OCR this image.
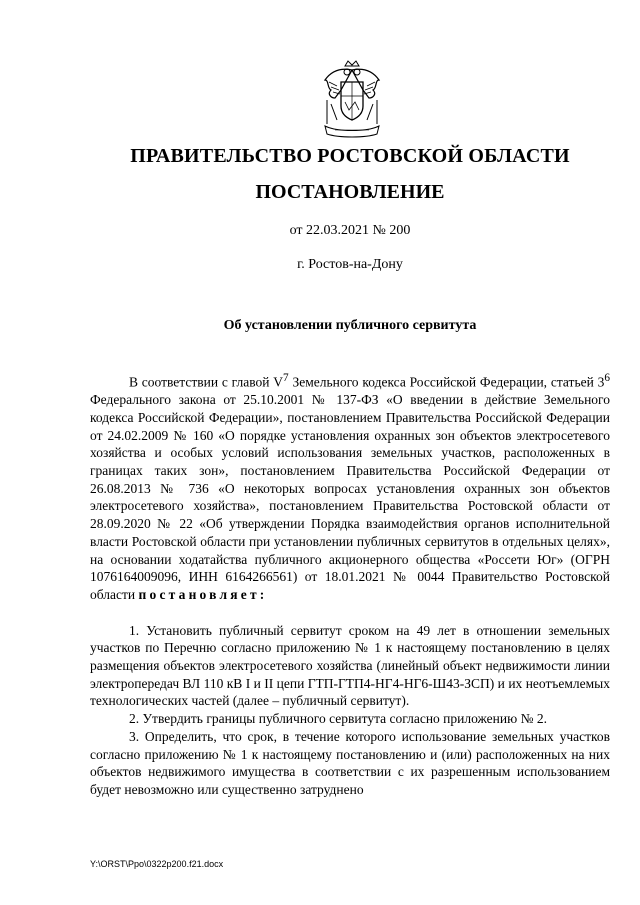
ПРАВИТЕЛЬСТВО РОСТОВСКОЙ ОБЛАСТИ
ПОСТАНОВЛЕНИЕ
от 22.03.2021 № 200
г. Ростов-на-Дону
Об установлении публичного сервитута

В соответствии с главой $V^7$ Земельного кодекса Российской Федерации, статьей $3^6$ Федерального закона от 25.10.2001 № 137-ФЗ «О введении в действие Земельного кодекса Российской Федерации», постановлением Правительства Российской Федерации от 24.02.2009 № 160 «О порядке установления охранных зон объектов электросетевого хозяйства и особых условий использования земельных участков, расположенных в границах таких зон», постановлением Правительства Российской Федерации от 26.08.2013 № 736 «О некоторых вопросах установления охранных зон объектов электросетевого хозяйства», постановлением Правительства Ростовской области от 28.09.2020 № 22 «Об утверждении Порядка взаимодействия органов исполнительной власти Ростовской области при установлении публичных сервитутов в отдельных целях», на основании ходатайства публичного акционерного общества «Россети Юг» (ОГРН 1076164009096, ИНН 6164266561) от 18.01.2021 № 0044 Правительство Ростовской области постановляет:

1. Установить публичный сервитут сроком на 49 лет в отношении земельных участков по Перечню согласно приложению № 1 к настоящему постановлению в целях размещения объектов электросетевого хозяйства (линейный объект недвижимости линии электропередач ВЛ 110 кВ I и II цепи ГТП-ГТП4-НГ4-НГ6-Ш43-ЗСП) и их неотъемлемых технологических частей (далее – публичный сервитут).

2. Утвердить границы публичного сервитута согласно приложению № 2.

3. Определить, что срок, в течение которого использование земельных участков согласно приложению № 1 к настоящему постановлению и (или) расположенных на них объектов недвижимого имущества в соответствии с их разрешенным использованием будет невозможно или существенно затруднено

Y:\ORST\Ppo\0322p200.f21.docx
